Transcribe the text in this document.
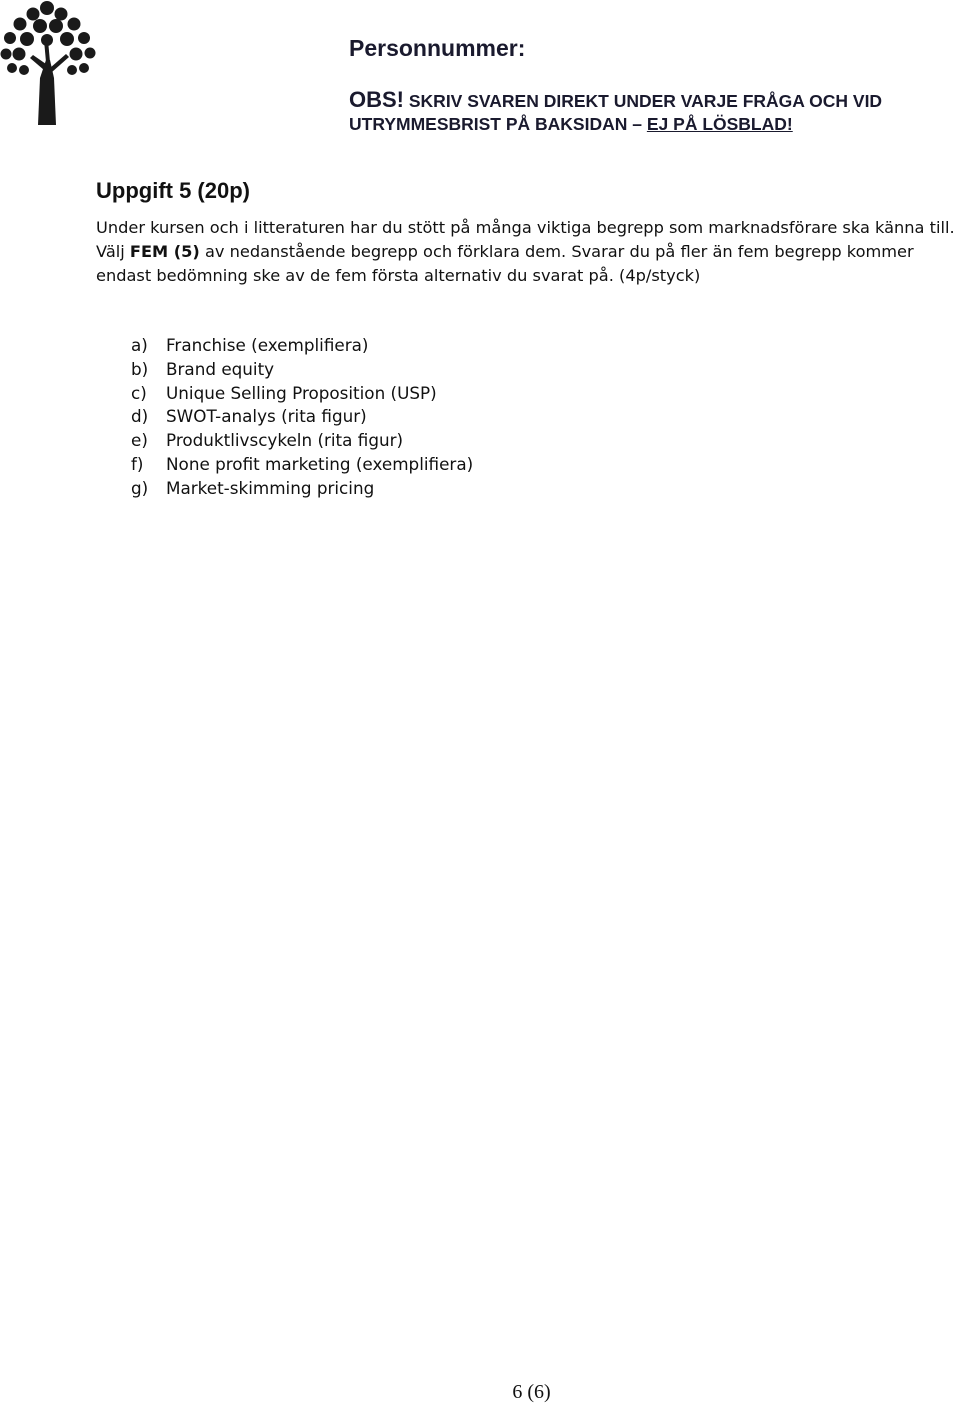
Personnummer:
OBS! SKRIV SVAREN DIREKT UNDER VARJE FRÅGA OCH VID UTRYMMESBRIST PÅ BAKSIDAN – EJ PÅ LÖSBLAD!
Uppgift 5 (20p)

Under kursen och i litteraturen har du stött på många viktiga begrepp som marknadsförare ska känna till. Välj FEM (5) av nedanstående begrepp och förklara dem. Svarar du på fler än fem begrepp kommer endast bedömning ske av de fem första alternativ du svarat på. (4p/styck)

a) Franchise (exemplifiera)
b) Brand equity
c) Unique Selling Proposition (USP)
d) SWOT-analys (rita figur)
e) Produktlivscykeln (rita figur)
f) None profit marketing (exemplifiera)
g) Market-skimming pricing
6 (6)
